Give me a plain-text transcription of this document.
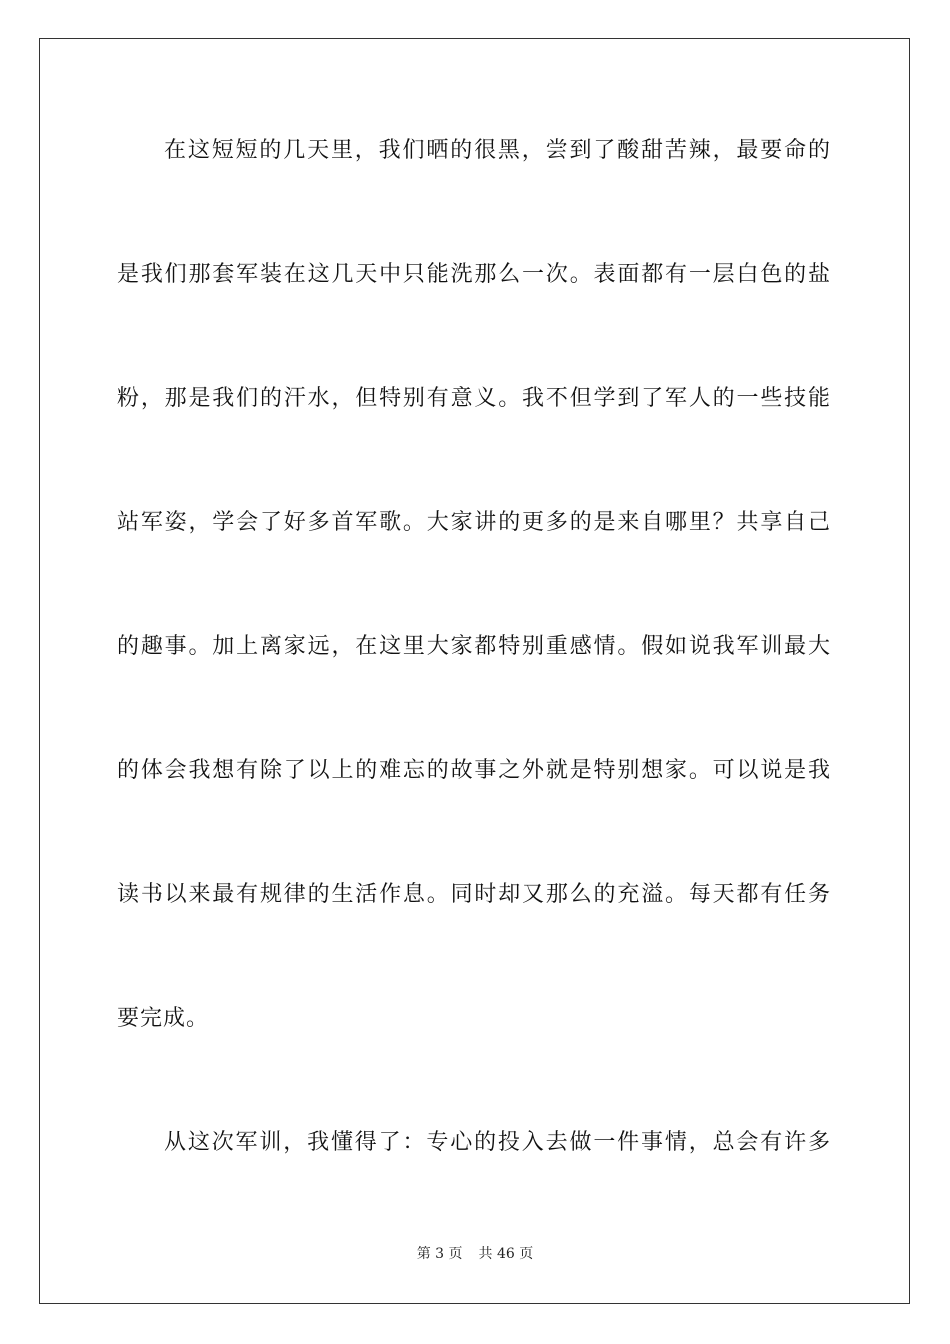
在这短短的几天里，我们晒的很黑，尝到了酸甜苦辣，最要命的
是我们那套军装在这几天中只能洗那么一次。表面都有一层白色的盐
粉，那是我们的汗水，但特别有意义。我不但学到了军人的一些技能
站军姿，学会了好多首军歌。大家讲的更多的是来自哪里？共享自己
的趣事。加上离家远，在这里大家都特别重感情。假如说我军训最大
的体会我想有除了以上的难忘的故事之外就是特别想家。可以说是我
读书以来最有规律的生活作息。同时却又那么的充溢。每天都有任务
要完成。
从这次军训，我懂得了：专心的投入去做一件事情，总会有许多
第 3 页 共 46 页
